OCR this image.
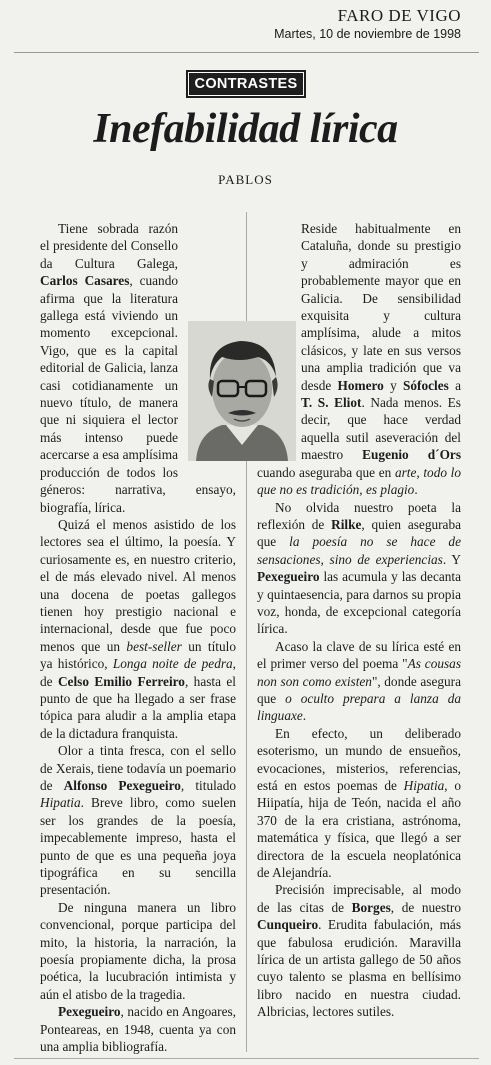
FARO DE VIGO
Martes, 10 de noviembre de 1998
CONTRASTES
Inefabilidad lírica
PABLOS

Tiene sobrada razón el presidente del Consello da Cultura Galega, Carlos Casares, cuando afirma que la literatura gallega está viviendo un momento excepcional. Vigo, que es la capital editorial de Galicia, lanza casi cotidianamente un nuevo título, de manera que ni siquiera el lector más intenso puede acercarse a esa amplísima producción de todos los géneros: narrativa, ensayo, biografía, lírica.

Quizá el menos asistido de los lectores sea el último, la poesía. Y curiosamente es, en nuestro criterio, el de más elevado nivel. Al menos una docena de poetas gallegos tienen hoy prestigio nacional e internacional, desde que fue poco menos que un best-seller un título ya histórico, Longa noite de pedra, de Celso Emilio Ferreiro, hasta el punto de que ha llegado a ser frase tópica para aludir a la amplia etapa de la dictadura franquista.

Olor a tinta fresca, con el sello de Xerais, tiene todavía un poemario de Alfonso Pexegueiro, titulado Hipatia. Breve libro, como suelen ser los grandes de la poesía, impecablemente impreso, hasta el punto de que es una pequeña joya tipográfica en su sencilla presentación.

De ninguna manera un libro convencional, porque participa del mito, la historia, la narración, la poesía propiamente dicha, la prosa poética, la lucubración intimista y aún el atisbo de la tragedia.

Pexegueiro, nacido en Angoares, Ponteareas, en 1948, cuenta ya con una amplia bibliografía.

Reside habitualmente en Cataluña, donde su prestigio y admiración es probablemente mayor que en Galicia. De sensibilidad exquisita y cultura amplísima, alude a mitos clásicos, y late en sus versos una amplia tradición que va desde Homero y Sófocles a T. S. Eliot. Nada menos. Es decir, que hace verdad aquella sutil aseveración del maestro Eugenio d´Ors cuando aseguraba que en arte, todo lo que no es tradición, es plagio.

No olvida nuestro poeta la reflexión de Rilke, quien aseguraba que la poesía no se hace de sensaciones, sino de experiencias. Y Pexegueiro las acumula y las decanta y quintaesencia, para darnos su propia voz, honda, de excepcional categoría lírica.

Acaso la clave de su lírica esté en el primer verso del poema "As cousas non son como existen", donde asegura que o oculto prepara a lanza da linguaxe.

En efecto, un deliberado esoterismo, un mundo de ensueños, evocaciones, misterios, referencias, está en estos poemas de Hipatia, o Hiipatía, hija de Teón, nacida el año 370 de la era cristiana, astrónoma, matemática y física, que llegó a ser directora de la escuela neoplatónica de Alejandría.

Precisión imprecisable, al modo de las citas de Borges, de nuestro Cunqueiro. Erudita fabulación, más que fabulosa erudición. Maravilla lírica de un artista gallego de 50 años cuyo talento se plasma en bellísimo libro nacido en nuestra ciudad. Albricias, lectores sutiles.
